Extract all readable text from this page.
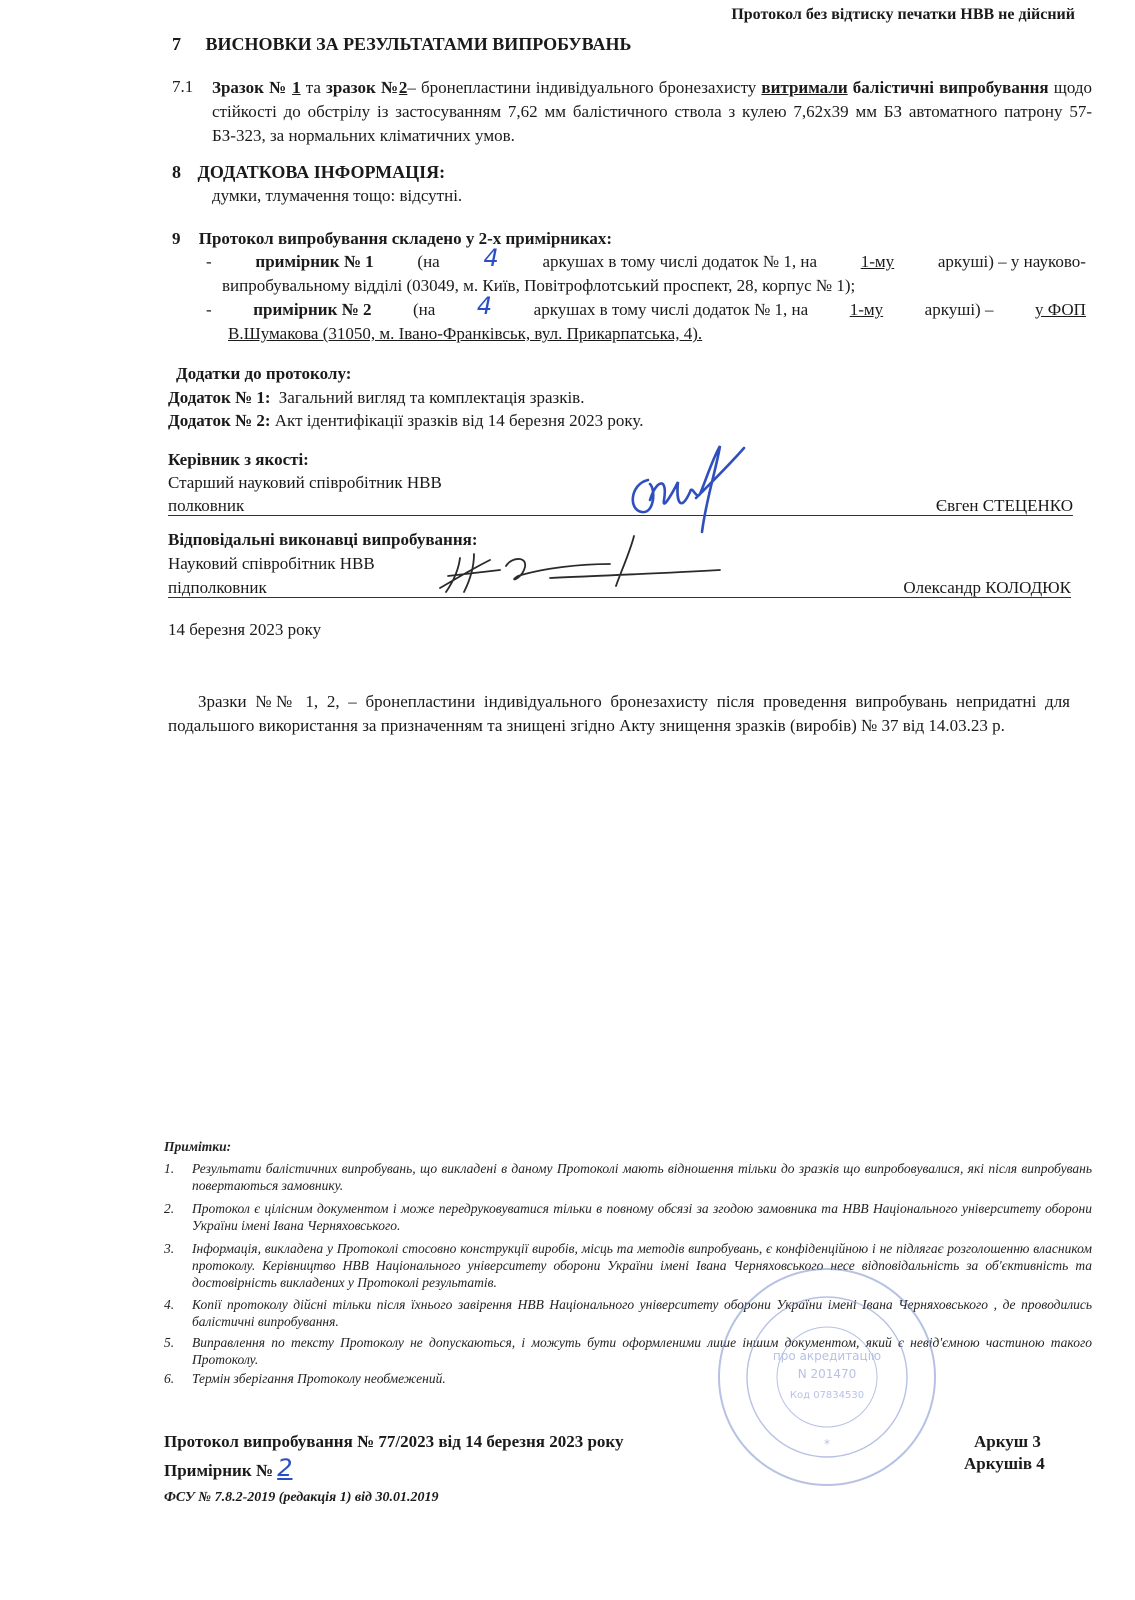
Протокол без відтиску печатки НВВ не дійсний
7 ВИСНОВКИ ЗА РЕЗУЛЬТАТАМИ ВИПРОБУВАНЬ
7.1 Зразок № 1 та зразок №2– бронепластини індивідуального бронезахисту витримали балістичні випробування щодо стійкості до обстрілу із застосуванням 7,62 мм балістичного ствола з кулею 7,62х39 мм БЗ автоматного патрону 57-БЗ-323, за нормальних кліматичних умов.
8 ДОДАТКОВА ІНФОРМАЦІЯ:
думки, тлумачення тощо: відсутні.
9 Протокол випробування складено у 2-х примірниках:
-	примірник № 1	(на 4	аркушах в тому числі додаток № 1, на	1-му	аркуші) – у науково-
випробувальному відділі (03049, м. Київ, Повітрофлотський проспект, 28, корпус № 1);
- примірник № 2 (на 4 аркушах в тому числі додаток № 1, на 1-му аркуші) – у ФОП
В.Шумакова (31050, м. Івано-Франківськ, вул. Прикарпатська, 4).
Додатки до протоколу:
Додаток № 1: Загальний вигляд та комплектація зразків.
Додаток № 2: Акт ідентифікації зразків від 14 березня 2023 року.
Керівник з якості:
Старший науковий співробітник НВВ
полковник	Євген СТЕЦЕНКО
Відповідальні виконавці випробування:
Науковий співробітник НВВ
підполковник	Олександр КОЛОДЮК
14 березня 2023 року
Зразки №№ 1, 2, – бронепластини індивідуального бронезахисту після проведення випробувань непридатні для подальшого використання за призначенням та знищені згідно Акту знищення зразків (виробів) № 37 від 14.03.23 р.
Примітки:
1.	Результати балістичних випробувань, що викладені в даному Протоколі мають відношення тільки до зразків що випробовувалися, які після випробувань повертаються замовнику.
2.	Протокол є цілісним документом і може передруковуватися тільки в повному обсязі за згодою замовника та НВВ Національного університету оборони України імені Івана Черняховського.
3.	Інформація, викладена у Протоколі стосовно конструкції виробів, місць та методів випробувань, є конфіденційною і не підлягає розголошенню власником протоколу. Керівництво НВВ Національного університету оборони України імені Івана Черняховського несе відповідальність за об'єктивність та достовірність викладених у Протоколі результатів.
4.	Копії протоколу дійсні тільки після їхнього завірення НВВ Національного університету оборони України імені Івана Черняховського , де проводились балістичні випробування.
5.	Виправлення по тексту Протоколу не допускаються, і можуть бути оформленими лише іншим документом, який є невід'ємною частиною такого Протоколу.
6.	Термін зберігання Протоколу необмежений.
про акредитацію
N 201470
Код 07834530
*
Протокол випробування № 77/2023 від 14 березня 2023 року
Примірник № 2
Аркуш 3
Аркушів 4
ФСУ № 7.8.2-2019 (редакція 1) від 30.01.2019
